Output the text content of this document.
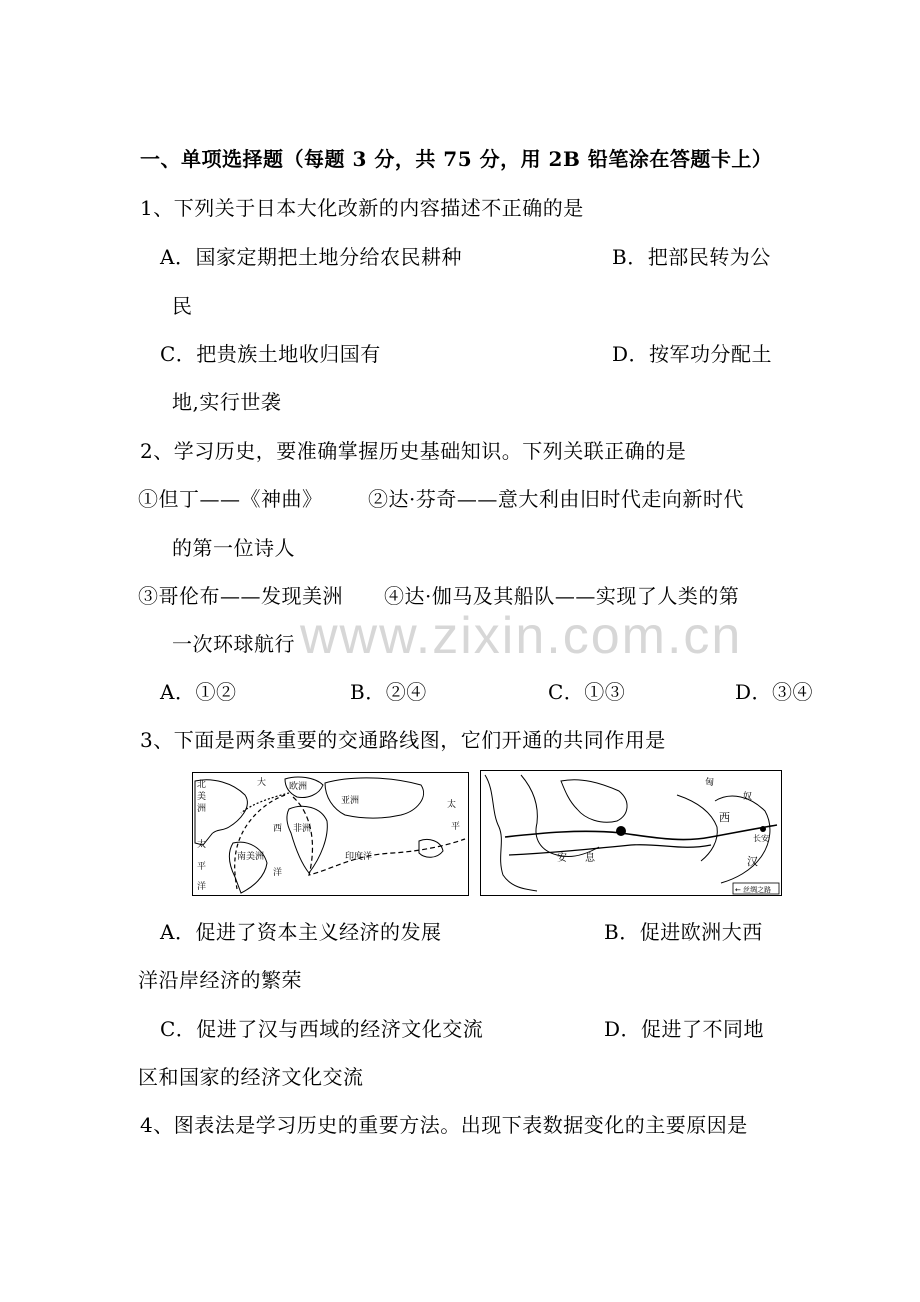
www.zixin.com.cn
一、单项选择题（每题 3 分，共 75 分，用 2B 铅笔涂在答题卡上）
1、下列关于日本大化改新的内容描述不正确的是
A．国家定期把土地分给农民耕种	B．把部民转为公
民
C．把贵族土地收归国有	D．按军功分配土
地,实行世袭
2、学习历史，要准确掌握历史基础知识。下列关联正确的是
①但丁——《神曲》 ②达·芬奇——意大利由旧时代走向新时代
的第一位诗人
③哥伦布——发现美洲 ④达·伽马及其船队——实现了人类的第
一次环球航行
A．①②	B．②④	C．①③	D．③④
3、下面是两条重要的交通路线图，它们开通的共同作用是
北
美
洲
大	欧洲
亚洲	太
平
非洲
南美洲	印度洋
太
平
洋
西
洋
匈
奴
西
汉
安 息
长安
← 丝绸之路
A．促进了资本主义经济的发展	B．促进欧洲大西
洋沿岸经济的繁荣
C．促进了汉与西域的经济文化交流	D．促进了不同地
区和国家的经济文化交流
4、图表法是学习历史的重要方法。出现下表数据变化的主要原因是
